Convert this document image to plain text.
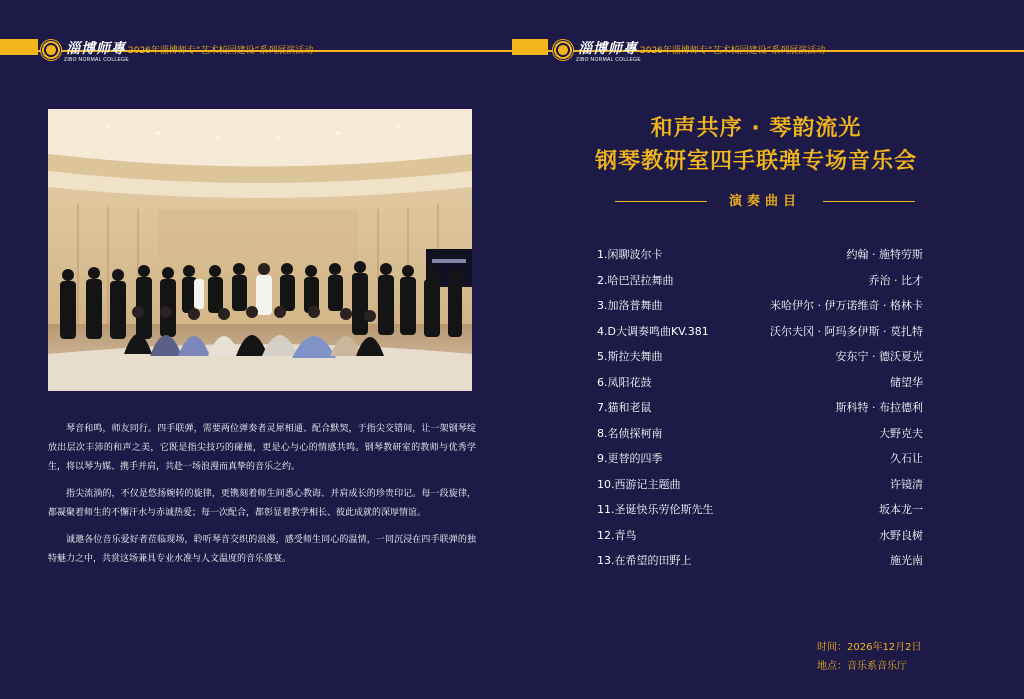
淄博师專
ZIBO NORMAL COLLEGE
2026年淄博师专“艺术校园建设”系列展演活动	淄博师專
ZIBO NORMAL COLLEGE
2026年淄博师专“艺术校园建设”系列展演活动

琴音和鸣，师友同行。四手联弹，需要两位弹奏者灵犀相通、配合默契，于指尖交错间，让一架钢琴绽放出层次丰沛的和声之美，它既是指尖技巧的碰撞，更是心与心的情感共鸣。钢琴教研室的教师与优秀学生，将以琴为媒、携手并肩，共赴一场浪漫而真挚的音乐之约。

指尖流淌的，不仅是悠扬婉转的旋律，更镌刻着师生间悉心教诲、并肩成长的珍贵印记。每一段旋律，都凝聚着师生的不懈汗水与赤诚热爱；每一次配合，都彰显着教学相长、彼此成就的深厚情谊。

诚邀各位音乐爱好者莅临现场，聆听琴音交织的浪漫，感受师生同心的温情，一同沉浸在四手联弹的独特魅力之中，共赏这场兼具专业水准与人文温度的音乐盛宴。

和声共序 · 琴韵流光
钢琴教研室四手联弹专场音乐会
演奏曲目
1.闲聊波尔卡	约翰 · 施特劳斯
2.哈巴涅拉舞曲	乔治 · 比才
3.加洛普舞曲	米哈伊尔 · 伊万诺维奇 · 格林卡
4.D大调奏鸣曲KV.381	沃尔夫冈 · 阿玛多伊斯 · 莫扎特
5.斯拉夫舞曲	安东宁 · 德沃夏克
6.凤阳花鼓	储望华
7.猫和老鼠	斯科特 · 布拉德利
8.名侦探柯南	大野克夫
9.更替的四季	久石让
10.西游记主题曲	许镜清
11.圣诞快乐劳伦斯先生	坂本龙一
12.青鸟	水野良树
13.在希望的田野上	施光南
时间：2026年12月2日
地点：音乐系音乐厅
